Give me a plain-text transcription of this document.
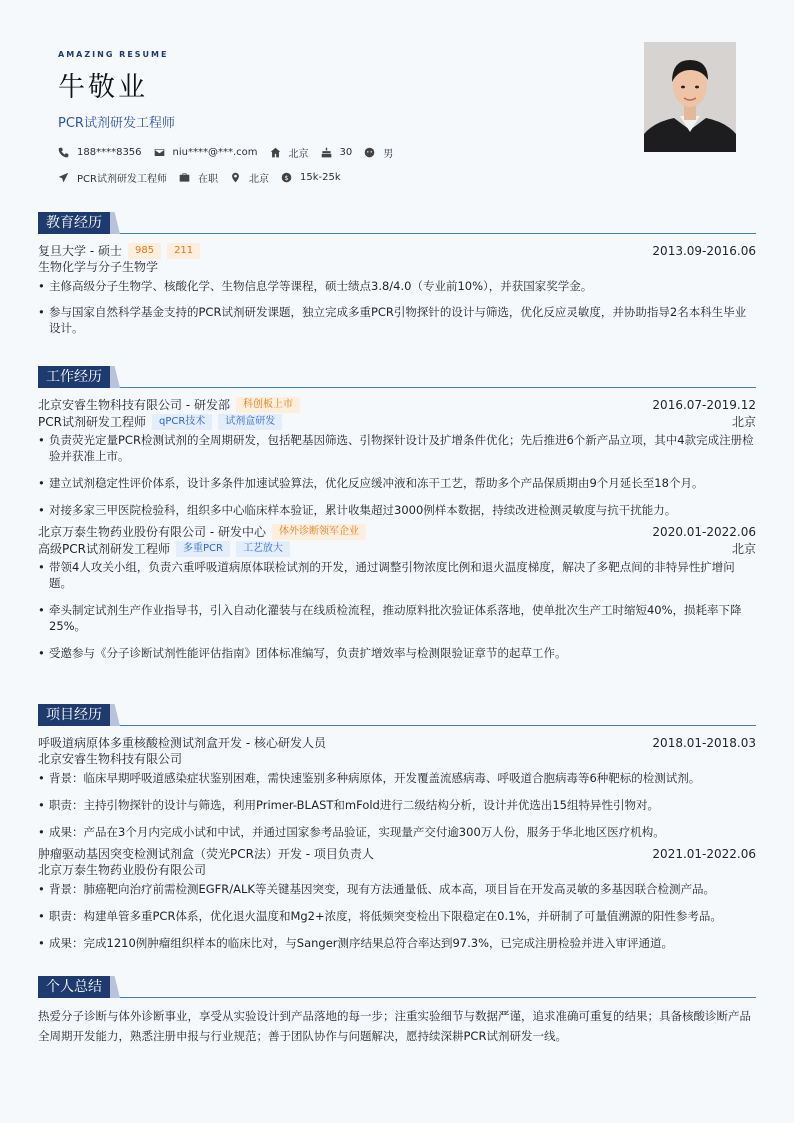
AMAZING RESUME
牛敬业
PCR试剂研发工程师
188****8356	niu****@***.com	北京	30	男
PCR试剂研发工程师	在职	北京 $ 15k-25k
教育经历
复旦大学 - 硕士	985	211	2013.09-2016.06
生物化学与分子生物学
• 主修高级分子生物学、核酸化学、生物信息学等课程，硕士绩点3.8/4.0（专业前10%），并获国家奖学金。
• 参与国家自然科学基金支持的PCR试剂研发课题，独立完成多重PCR引物探针的设计与筛选，优化反应灵敏度，并协助指导2名本科生毕业设计。
工作经历
北京安睿生物科技有限公司 - 研发部	科创板上市	2016.07-2019.12
PCR试剂研发工程师	qPCR技术	试剂盒研发	北京
• 负责荧光定量PCR检测试剂的全周期研发，包括靶基因筛选、引物探针设计及扩增条件优化；先后推进6个新产品立项，其中4款完成注册检验并获准上市。
• 建立试剂稳定性评价体系，设计多条件加速试验算法，优化反应缓冲液和冻干工艺，帮助多个产品保质期由9个月延长至18个月。
• 对接多家三甲医院检验科，组织多中心临床样本验证，累计收集超过3000例样本数据，持续改进检测灵敏度与抗干扰能力。
北京万泰生物药业股份有限公司 - 研发中心	体外诊断领军企业	2020.01-2022.06
高级PCR试剂研发工程师	多重PCR	工艺放大	北京
• 带领4人攻关小组，负责六重呼吸道病原体联检试剂的开发，通过调整引物浓度比例和退火温度梯度，解决了多靶点间的非特异性扩增问题。
• 牵头制定试剂生产作业指导书，引入自动化灌装与在线质检流程，推动原料批次验证体系落地，使单批次生产工时缩短40%，损耗率下降25%。
• 受邀参与《分子诊断试剂性能评估指南》团体标准编写，负责扩增效率与检测限验证章节的起草工作。
项目经历
呼吸道病原体多重核酸检测试剂盒开发 - 核心研发人员	2018.01-2018.03
北京安睿生物科技有限公司
• 背景：临床早期呼吸道感染症状鉴别困难，需快速鉴别多种病原体，开发覆盖流感病毒、呼吸道合胞病毒等6种靶标的检测试剂。
• 职责：主持引物探针的设计与筛选，利用Primer-BLAST和mFold进行二级结构分析，设计并优选出15组特异性引物对。
• 成果：产品在3个月内完成小试和中试，并通过国家参考品验证，实现量产交付逾300万人份，服务于华北地区医疗机构。
肿瘤驱动基因突变检测试剂盒（荧光PCR法）开发 - 项目负责人	2021.01-2022.06
北京万泰生物药业股份有限公司
• 背景：肺癌靶向治疗前需检测EGFR/ALK等关键基因突变，现有方法通量低、成本高，项目旨在开发高灵敏的多基因联合检测产品。
• 职责：构建单管多重PCR体系，优化退火温度和Mg2+浓度，将低频突变检出下限稳定在0.1%，并研制了可量值溯源的阳性参考品。
• 成果：完成1210例肿瘤组织样本的临床比对，与Sanger测序结果总符合率达到97.3%，已完成注册检验并进入审评通道。
个人总结
热爱分子诊断与体外诊断事业，享受从实验设计到产品落地的每一步；注重实验细节与数据严谨，追求准确可重复的结果；具备核酸诊断产品全周期开发能力，熟悉注册申报与行业规范；善于团队协作与问题解决，愿持续深耕PCR试剂研发一线。
